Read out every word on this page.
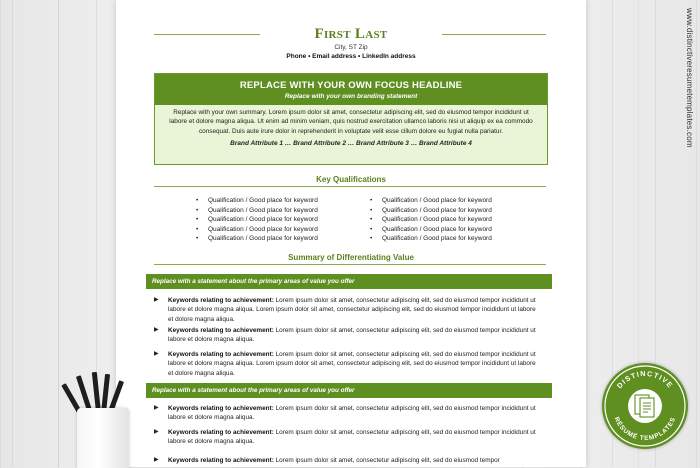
First Last
City, ST Zip
Phone • Email address • LinkedIn address
REPLACE WITH YOUR OWN FOCUS HEADLINE
Replace with your own branding statement
Replace with your own summary. Lorem ipsum dolor sit amet, consectetur adipiscing elit, sed do eiusmod tempor incididunt ut labore et dolore magna aliqua. Ut enim ad minim veniam, quis nostrud exercitation ullamco laboris nisi ut aliquip ex ea commodo consequat. Duis aute irure dolor in reprehenderit in voluptate velit esse cillum dolore eu fugiat nulla pariatur.
Brand Attribute 1 … Brand Attribute 2 … Brand Attribute 3 … Brand Attribute 4
Key Qualifications
• Qualification / Good place for keyword
• Qualification / Good place for keyword
• Qualification / Good place for keyword
• Qualification / Good place for keyword
• Qualification / Good place for keyword
• Qualification / Good place for keyword
• Qualification / Good place for keyword
• Qualification / Good place for keyword
• Qualification / Good place for keyword
• Qualification / Good place for keyword
Summary of Differentiating Value
Replace with a statement about the primary areas of value you offer
▶	Keywords relating to achievement: Lorem ipsum dolor sit amet, consectetur adipiscing elit, sed do eiusmod tempor incididunt ut labore et dolore magna aliqua. Lorem ipsum dolor sit amet, consectetur adipiscing elit, sed do eiusmod tempor incididunt ut labore et dolore magna aliqua.
▶	Keywords relating to achievement: Lorem ipsum dolor sit amet, consectetur adipiscing elit, sed do eiusmod tempor incididunt ut labore et dolore magna aliqua.
▶	Keywords relating to achievement: Lorem ipsum dolor sit amet, consectetur adipiscing elit, sed do eiusmod tempor incididunt ut labore et dolore magna aliqua. Lorem ipsum dolor sit amet, consectetur adipiscing elit, sed do eiusmod tempor incididunt ut labore et dolore magna aliqua.
Replace with a statement about the primary areas of value you offer
▶	Keywords relating to achievement: Lorem ipsum dolor sit amet, consectetur adipiscing elit, sed do eiusmod tempor incididunt ut labore et dolore magna aliqua.
▶	Keywords relating to achievement: Lorem ipsum dolor sit amet, consectetur adipiscing elit, sed do eiusmod tempor incididunt ut labore et dolore magna aliqua.
▶	Keywords relating to achievement: Lorem ipsum dolor sit amet, consectetur adipiscing elit, sed do eiusmod tempor
www.distinctiveresumetemplates.com
DISTINCTIVE
RÉSUMÉ TEMPLATES
